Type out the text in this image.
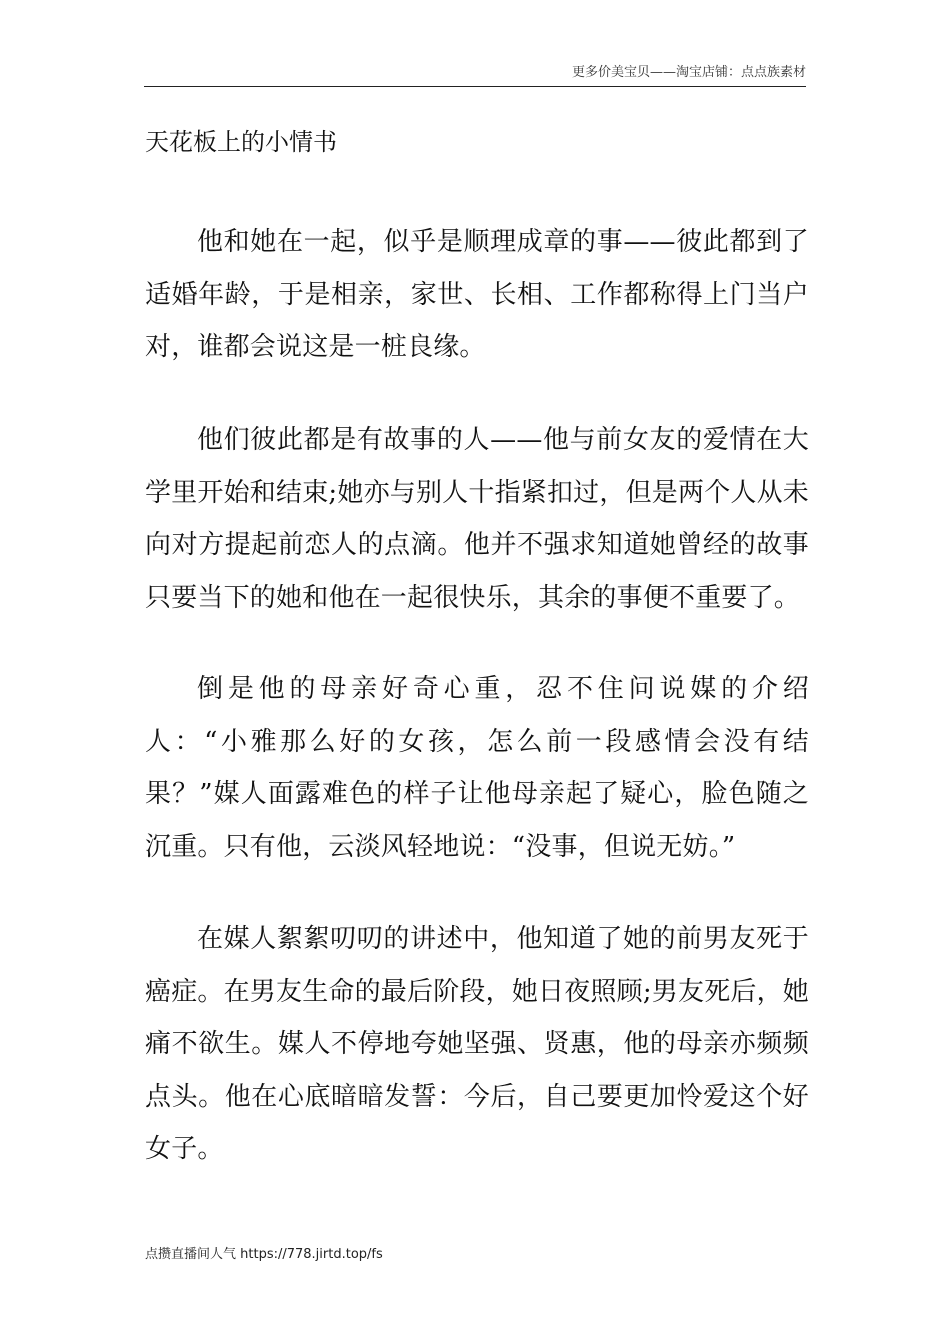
更多价美宝贝——淘宝店铺：点点族素材
天花板上的小情书

他和她在一起，似乎是顺理成章的事——彼此都到了适婚年龄，于是相亲，家世、长相、工作都称得上门当户对，谁都会说这是一桩良缘。

他们彼此都是有故事的人——他与前女友的爱情在大学里开始和结束;她亦与别人十指紧扣过，但是两个人从未向对方提起前恋人的点滴。他并不强求知道她曾经的故事只要当下的她和他在一起很快乐，其余的事便不重要了。

倒是他的母亲好奇心重，忍不住问说媒的介绍人：“小雅那么好的女孩，怎么前一段感情会没有结果？”媒人面露难色的样子让他母亲起了疑心，脸色随之沉重。只有他，云淡风轻地说：“没事，但说无妨。”

在媒人絮絮叨叨的讲述中，他知道了她的前男友死于癌症。在男友生命的最后阶段，她日夜照顾;男友死后，她痛不欲生。媒人不停地夸她坚强、贤惠，他的母亲亦频频点头。他在心底暗暗发誓：今后，自己要更加怜爱这个好女子。

点攒直播间人气 https://778.jirtd.top/fs
